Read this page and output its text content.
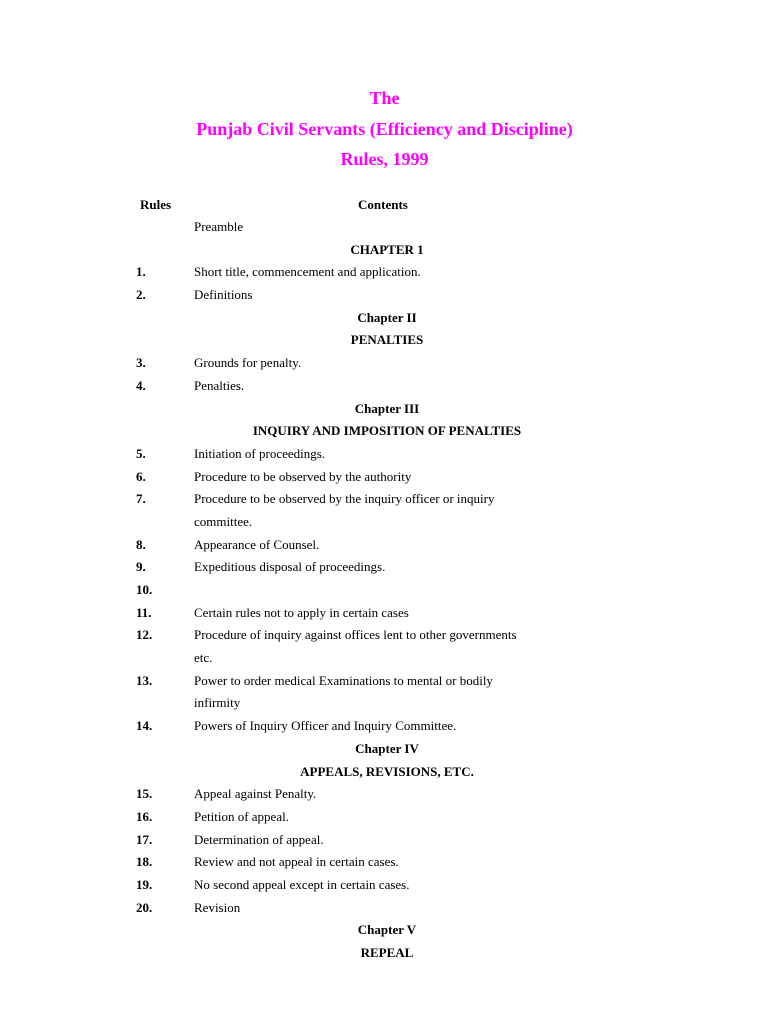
The
Punjab Civil Servants (Efficiency and Discipline)
Rules, 1999
Rules	Contents
Preamble
CHAPTER 1
1.	Short title, commencement and application.
2.	Definitions
Chapter II
PENALTIES
3.	Grounds for penalty.
4.	Penalties.
Chapter III
INQUIRY AND IMPOSITION OF PENALTIES
5.	Initiation of proceedings.
6.	Procedure to be observed by the authority
7.	Procedure to be observed by the inquiry officer or inquiry
committee.
8.	Appearance of Counsel.
9.	Expeditious disposal of proceedings.
10.
11.	Certain rules not to apply in certain cases
12.	Procedure of inquiry against offices lent to other governments
etc.
13.	Power to order medical Examinations to mental or bodily
infirmity
14.	Powers of Inquiry Officer and Inquiry Committee.
Chapter IV
APPEALS, REVISIONS, ETC.
15.	Appeal against Penalty.
16.	Petition of appeal.
17.	Determination of appeal.
18.	Review and not appeal in certain cases.
19.	No second appeal except in certain cases.
20.	Revision
Chapter V
REPEAL
